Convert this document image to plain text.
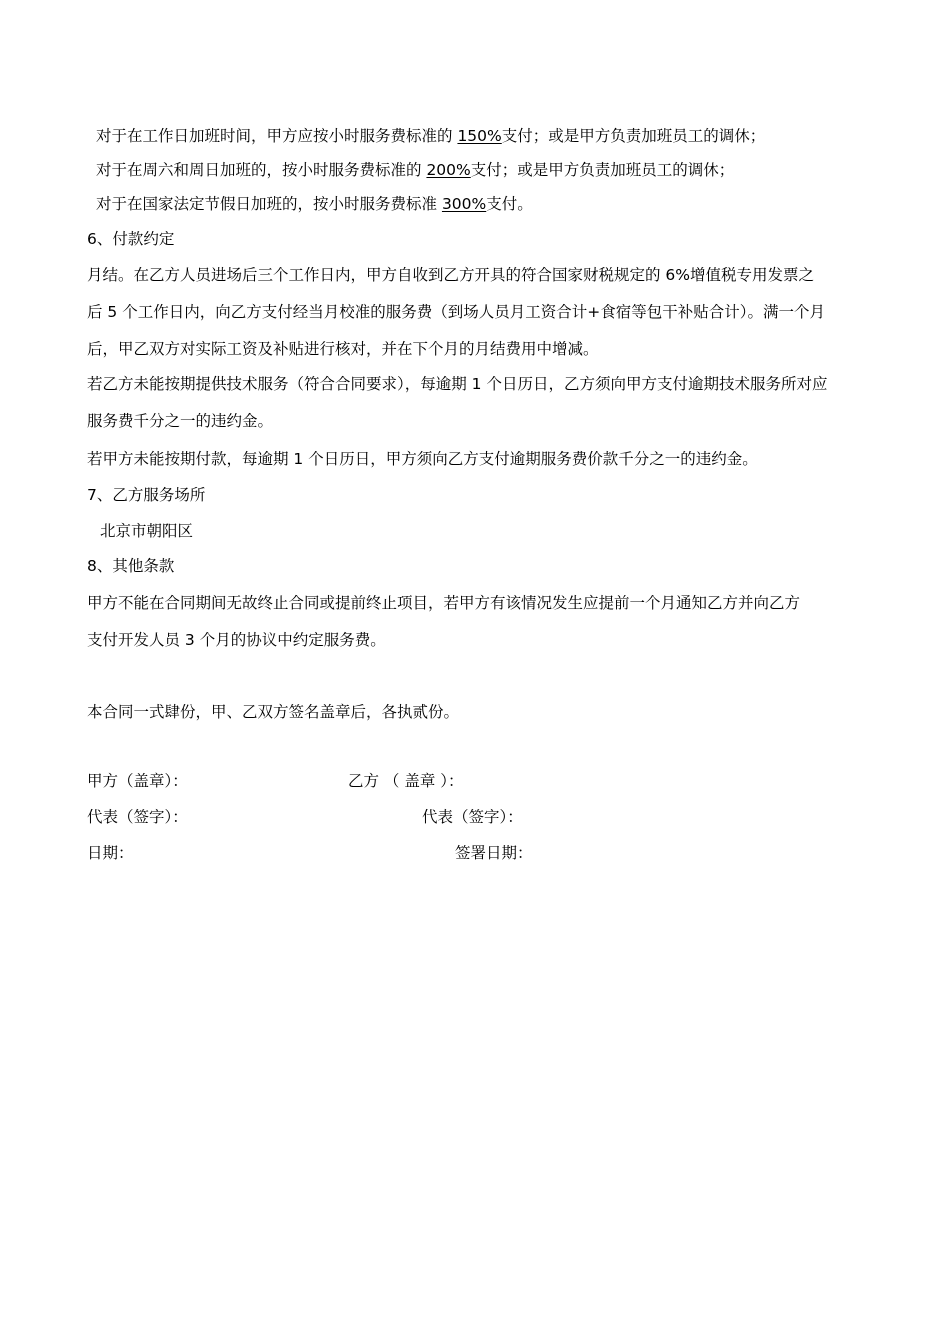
对于在工作日加班时间，甲方应按小时服务费标准的 150%支付；或是甲方负责加班员工的调休；
对于在周六和周日加班的，按小时服务费标准的 200%支付；或是甲方负责加班员工的调休；
对于在国家法定节假日加班的，按小时服务费标准 300%支付。
6、付款约定
月结。在乙方人员进场后三个工作日内，甲方自收到乙方开具的符合国家财税规定的 6%增值税专用发票之
后 5 个工作日内，向乙方支付经当月校准的服务费（到场人员月工资合计+食宿等包干补贴合计）。满一个月
后，甲乙双方对实际工资及补贴进行核对，并在下个月的月结费用中增减。
若乙方未能按期提供技术服务（符合合同要求），每逾期 1 个日历日，乙方须向甲方支付逾期技术服务所对应
服务费千分之一的违约金。
若甲方未能按期付款，每逾期 1 个日历日，甲方须向乙方支付逾期服务费价款千分之一的违约金。
7、乙方服务场所
北京市朝阳区
8、其他条款
甲方不能在合同期间无故终止合同或提前终止项目，若甲方有该情况发生应提前一个月通知乙方并向乙方
支付开发人员 3 个月的协议中约定服务费。
本合同一式肆份，甲、乙双方签名盖章后，各执贰份。
甲方（盖章）：	乙方 （ 盖章 ）：
代表（签字）：	代表（签字）：
日期：	签署日期：
